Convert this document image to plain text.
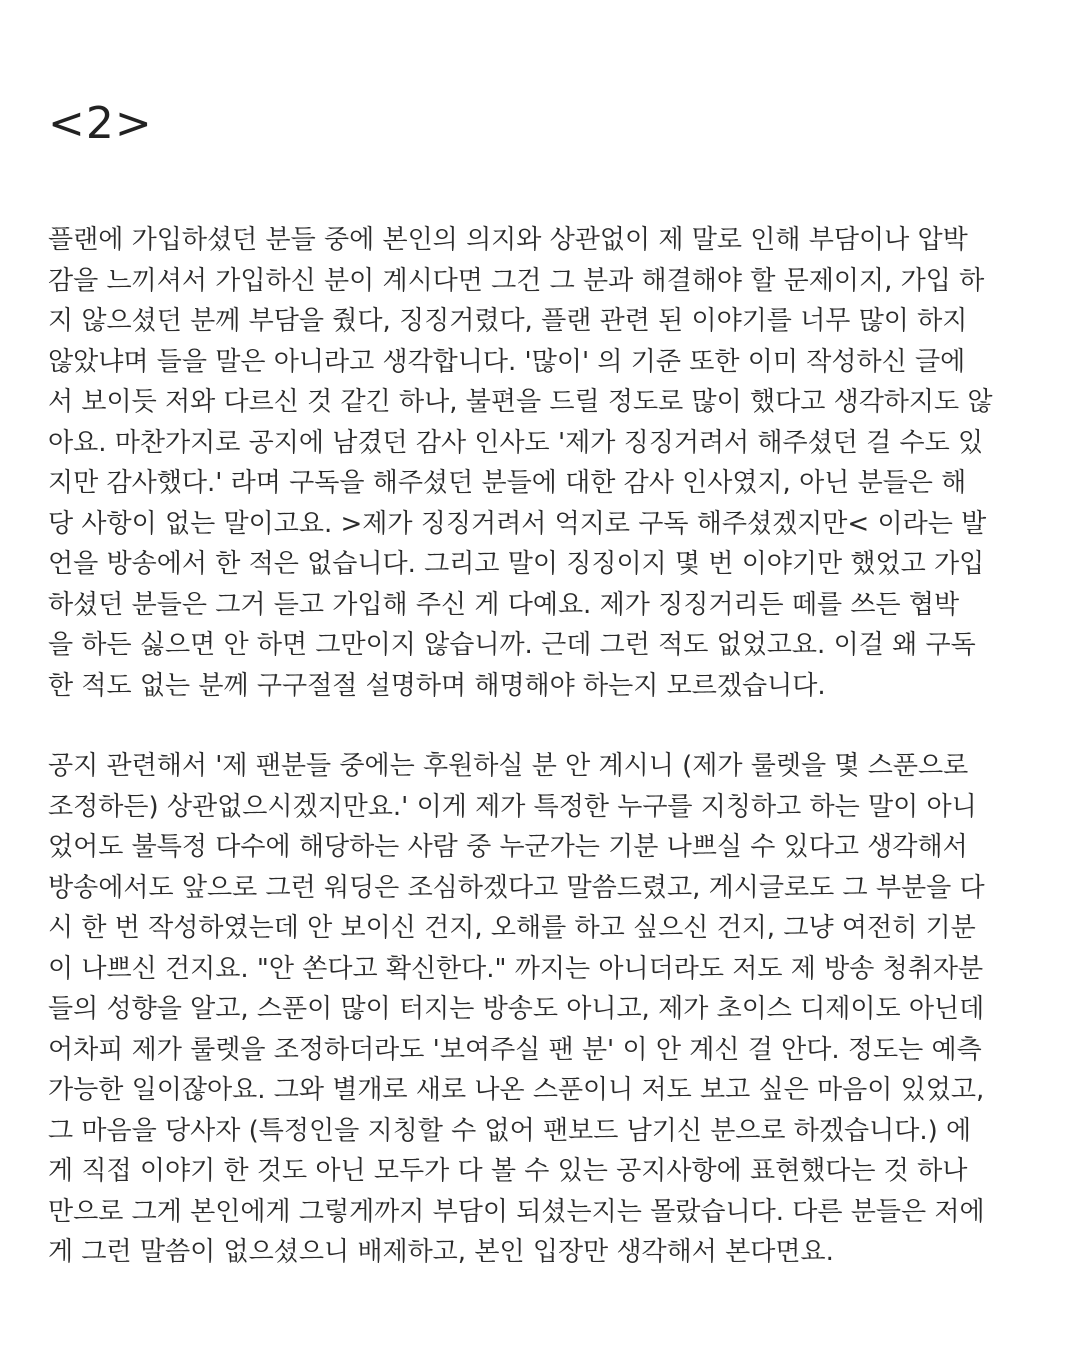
<2>
플랜에 가입하셨던 분들 중에 본인의 의지와 상관없이 제 말로 인해 부담이나 압박
감을 느끼셔서 가입하신 분이 계시다면 그건 그 분과 해결해야 할 문제이지, 가입 하
지 않으셨던 분께 부담을 줬다, 징징거렸다, 플랜 관련 된 이야기를 너무 많이 하지
않았냐며 들을 말은 아니라고 생각합니다. '많이' 의 기준 또한 이미 작성하신 글에
서 보이듯 저와 다르신 것 같긴 하나, 불편을 드릴 정도로 많이 했다고 생각하지도 않
아요. 마찬가지로 공지에 남겼던 감사 인사도 '제가 징징거려서 해주셨던 걸 수도 있
지만 감사했다.' 라며 구독을 해주셨던 분들에 대한 감사 인사였지, 아닌 분들은 해
당 사항이 없는 말이고요. >제가 징징거려서 억지로 구독 해주셨겠지만< 이라는 발
언을 방송에서 한 적은 없습니다. 그리고 말이 징징이지 몇 번 이야기만 했었고 가입
하셨던 분들은 그거 듣고 가입해 주신 게 다예요. 제가 징징거리든 떼를 쓰든 협박
을 하든 싫으면 안 하면 그만이지 않습니까. 근데 그런 적도 없었고요. 이걸 왜 구독
한 적도 없는 분께 구구절절 설명하며 해명해야 하는지 모르겠습니다.
공지 관련해서 '제 팬분들 중에는 후원하실 분 안 계시니 (제가 룰렛을 몇 스푼으로
조정하든) 상관없으시겠지만요.' 이게 제가 특정한 누구를 지칭하고 하는 말이 아니
었어도 불특정 다수에 해당하는 사람 중 누군가는 기분 나쁘실 수 있다고 생각해서
방송에서도 앞으로 그런 워딩은 조심하겠다고 말씀드렸고, 게시글로도 그 부분을 다
시 한 번 작성하였는데 안 보이신 건지, 오해를 하고 싶으신 건지, 그냥 여전히 기분
이 나쁘신 건지요. "안 쏜다고 확신한다." 까지는 아니더라도 저도 제 방송 청취자분
들의 성향을 알고, 스푼이 많이 터지는 방송도 아니고, 제가 초이스 디제이도 아닌데
어차피 제가 룰렛을 조정하더라도 '보여주실 팬 분' 이 안 계신 걸 안다. 정도는 예측
가능한 일이잖아요. 그와 별개로 새로 나온 스푼이니 저도 보고 싶은 마음이 있었고,
그 마음을 당사자 (특정인을 지칭할 수 없어 팬보드 남기신 분으로 하겠습니다.) 에
게 직접 이야기 한 것도 아닌 모두가 다 볼 수 있는 공지사항에 표현했다는 것 하나
만으로 그게 본인에게 그렇게까지 부담이 되셨는지는 몰랐습니다. 다른 분들은 저에
게 그런 말씀이 없으셨으니 배제하고, 본인 입장만 생각해서 본다면요.
